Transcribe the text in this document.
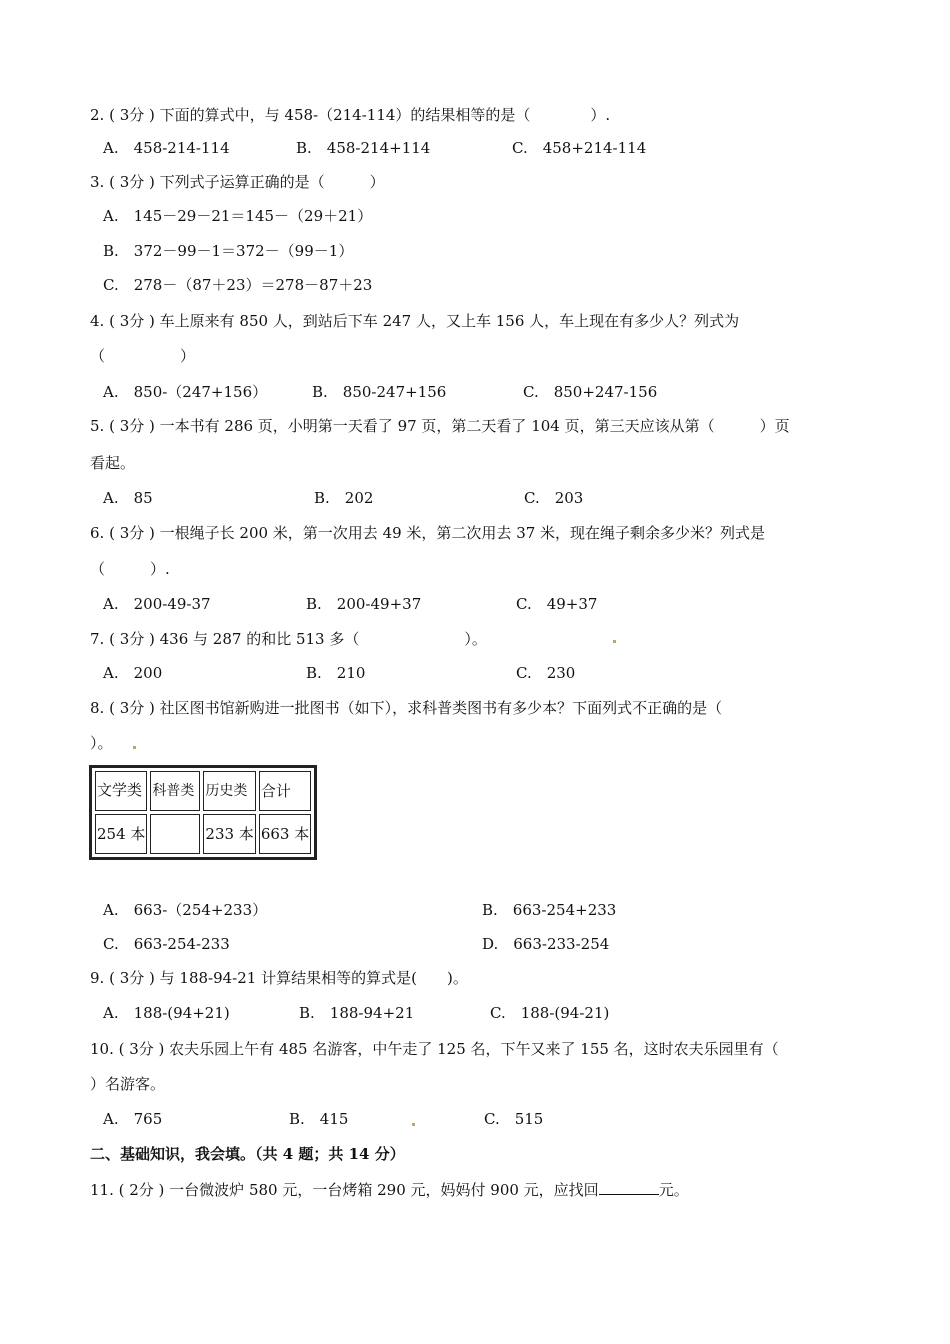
2. ( 3分 ) 下面的算式中，与 458-（214-114）的结果相等的是（　　　　）.
A.　458-214-114	B.　458-214+114	C.　458+214-114
3. ( 3分 ) 下列式子运算正确的是（　　　）
A.　145－29－21＝145－（29＋21）
B.　372－99－1＝372－（99－1）
C.　278－（87＋23）＝278－87＋23
4. ( 3分 ) 车上原来有 850 人，到站后下车 247 人，又上车 156 人，车上现在有多少人？列式为
（　　　　　）
A.　850-（247+156）	B.　850-247+156	C.　850+247-156
5. ( 3分 ) 一本书有 286 页，小明第一天看了 97 页，第二天看了 104 页，第三天应该从第（　　　）页
看起。
A.　85	B.　202	C.　203
6. ( 3分 ) 一根绳子长 200 米，第一次用去 49 米，第二次用去 37 米，现在绳子剩余多少米？列式是
（　　　）.
A.　200-49-37	B.　200-49+37	C.　49+37
7. ( 3分 ) 436 与 287 的和比 513 多（　　　　　　　）。
A.　200	B.　210	C.　230
8. ( 3分 ) 社区图书馆新购进一批图书（如下），求科普类图书有多少本？下面列式不正确的是（
）。
文学类	科普类	历史类	合计
254 本		233 本	663 本
A.　663-（254+233）	B.　663-254+233
C.　663-254-233	D.　663-233-254
9. ( 3分 ) 与 188-94-21 计算结果相等的算式是(　　)。
A.　188-(94+21)	B.　188-94+21	C.　188-(94-21)
10. ( 3分 ) 农夫乐园上午有 485 名游客，中午走了 125 名，下午又来了 155 名，这时农夫乐园里有（
）名游客。
A.　765	B.　415	C.　515
二、基础知识，我会填。（共 4 题；共 14 分）
11. ( 2分 ) 一台微波炉 580 元，一台烤箱 290 元，妈妈付 900 元，应找回	元。
